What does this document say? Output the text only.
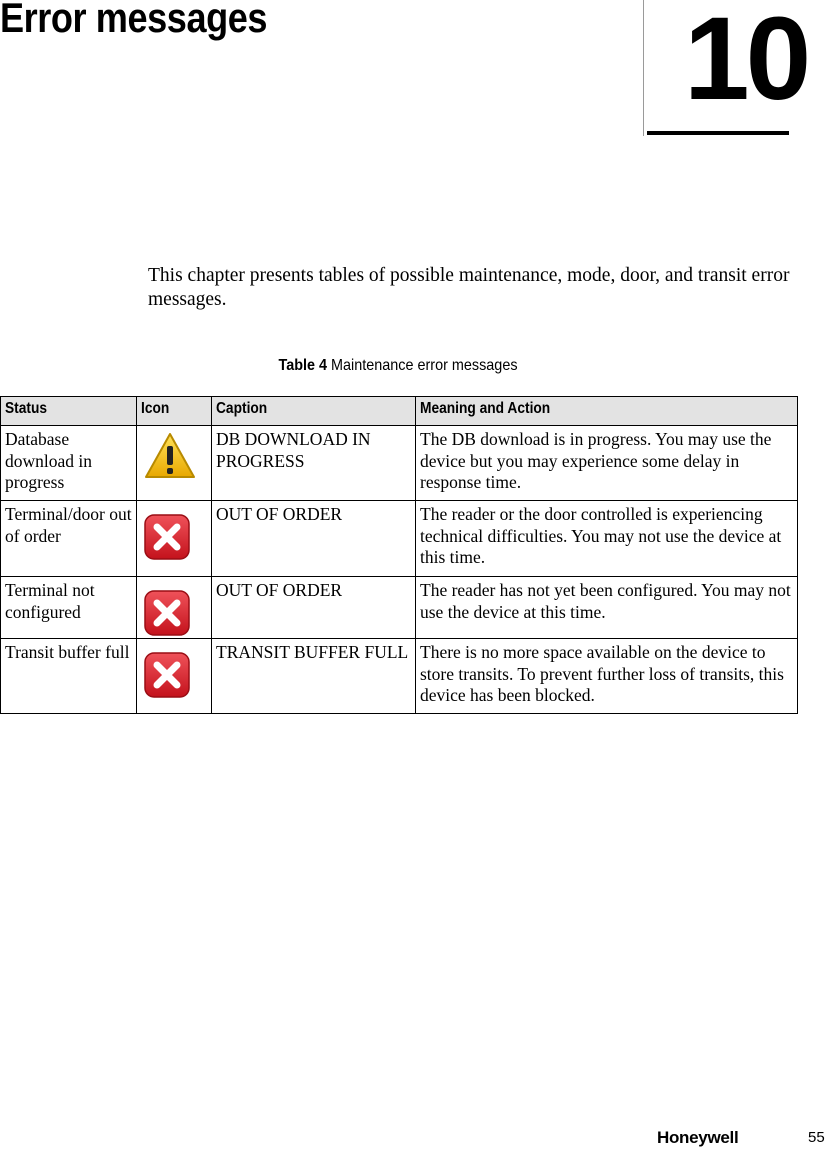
Error messages	10
This chapter presents tables of possible maintenance, mode, door, and transit error messages.
Table 4 Maintenance error messages
Status	Icon	Caption	Meaning and Action
Database download in progress		DB DOWNLOAD IN PROGRESS	The DB download is in progress. You may use the device but you may experience some delay in response time.
Terminal/door out of order		OUT OF ORDER	The reader or the door controlled is experiencing technical difficulties. You may not use the device at this time.
Terminal not configured		OUT OF ORDER	The reader has not yet been configured. You may not use the device at this time.
Transit buffer full		TRANSIT BUFFER FULL	There is no more space available on the device to store transits. To prevent further loss of transits, this device has been blocked.
Honeywell	55
